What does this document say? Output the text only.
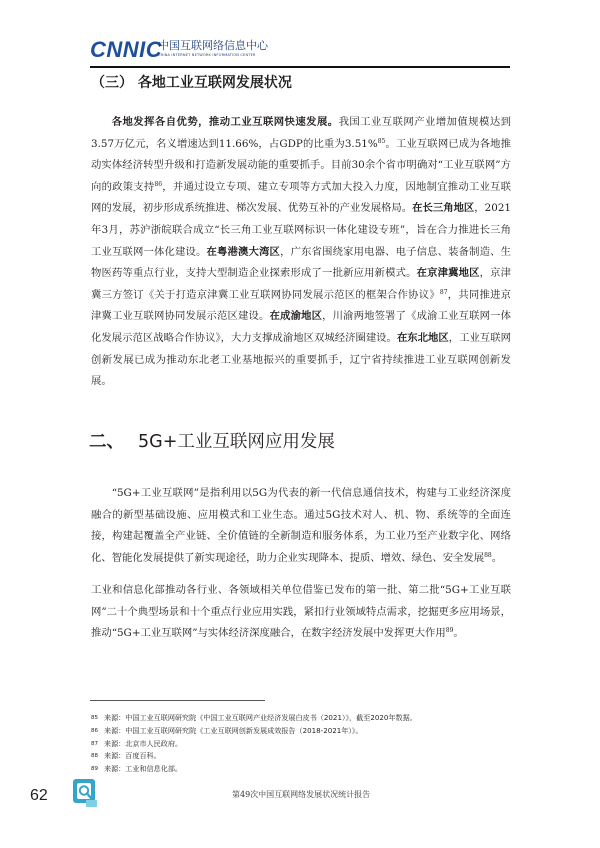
CNNIC
中国互联网络信息中心
CHINA INTERNET NETWORK INFORMATION CENTER
（三） 各地工业互联网发展状况

各地发挥各自优势，推动工业互联网快速发展。我国工业互联网产业增加值规模达到3.57万亿元，名义增速达到11.66%，占GDP的比重为3.51%$^{85}$。工业互联网已成为各地推动实体经济转型升级和打造新发展动能的重要抓手。目前30余个省市明确对“工业互联网”方向的政策支持$^{86}$，并通过设立专项、建立专项等方式加大投入力度，因地制宜推动工业互联网的发展，初步形成系统推进、梯次发展、优势互补的产业发展格局。在长三角地区，2021年3月，苏沪浙皖联合成立“长三角工业互联网标识一体化建设专班”，旨在合力推进长三角工业互联网一体化建设。在粤港澳大湾区，广东省围绕家用电器、电子信息、装备制造、生物医药等重点行业，支持大型制造企业探索形成了一批新应用新模式。在京津冀地区，京津冀三方签订《关于打造京津冀工业互联网协同发展示范区的框架合作协议》$^{87}$，共同推进京津冀工业互联网协同发展示范区建设。在成渝地区，川渝两地签署了《成渝工业互联网一体化发展示范区战略合作协议》，大力支撑成渝地区双城经济圈建设。在东北地区，工业互联网创新发展已成为推动东北老工业基地振兴的重要抓手，辽宁省持续推进工业互联网创新发展。

二、 5G+工业互联网应用发展

“5G+工业互联网”是指利用以5G为代表的新一代信息通信技术，构建与工业经济深度融合的新型基础设施、应用模式和工业生态。通过5G技术对人、机、物、系统等的全面连接，构建起覆盖全产业链、全价值链的全新制造和服务体系，为工业乃至产业数字化、网络化、智能化发展提供了新实现途径，助力企业实现降本、提质、增效、绿色、安全发展$^{88}$。

工业和信息化部推动各行业、各领域相关单位借鉴已发布的第一批、第二批“5G+工业互联网”二十个典型场景和十个重点行业应用实践，紧扣行业领域特点需求，挖掘更多应用场景，推动“5G+工业互联网”与实体经济深度融合，在数字经济发展中发挥更大作用$^{89}$。

85 来源：中国工业互联网研究院《中国工业互联网产业经济发展白皮书（2021）》，截至2020年数据。
86 来源：中国工业互联网研究院《工业互联网创新发展成效报告（2018-2021年）》。
87 来源：北京市人民政府。
88 来源：百度百科。
89 来源：工业和信息化部。
62	第49次中国互联网络发展状况统计报告
